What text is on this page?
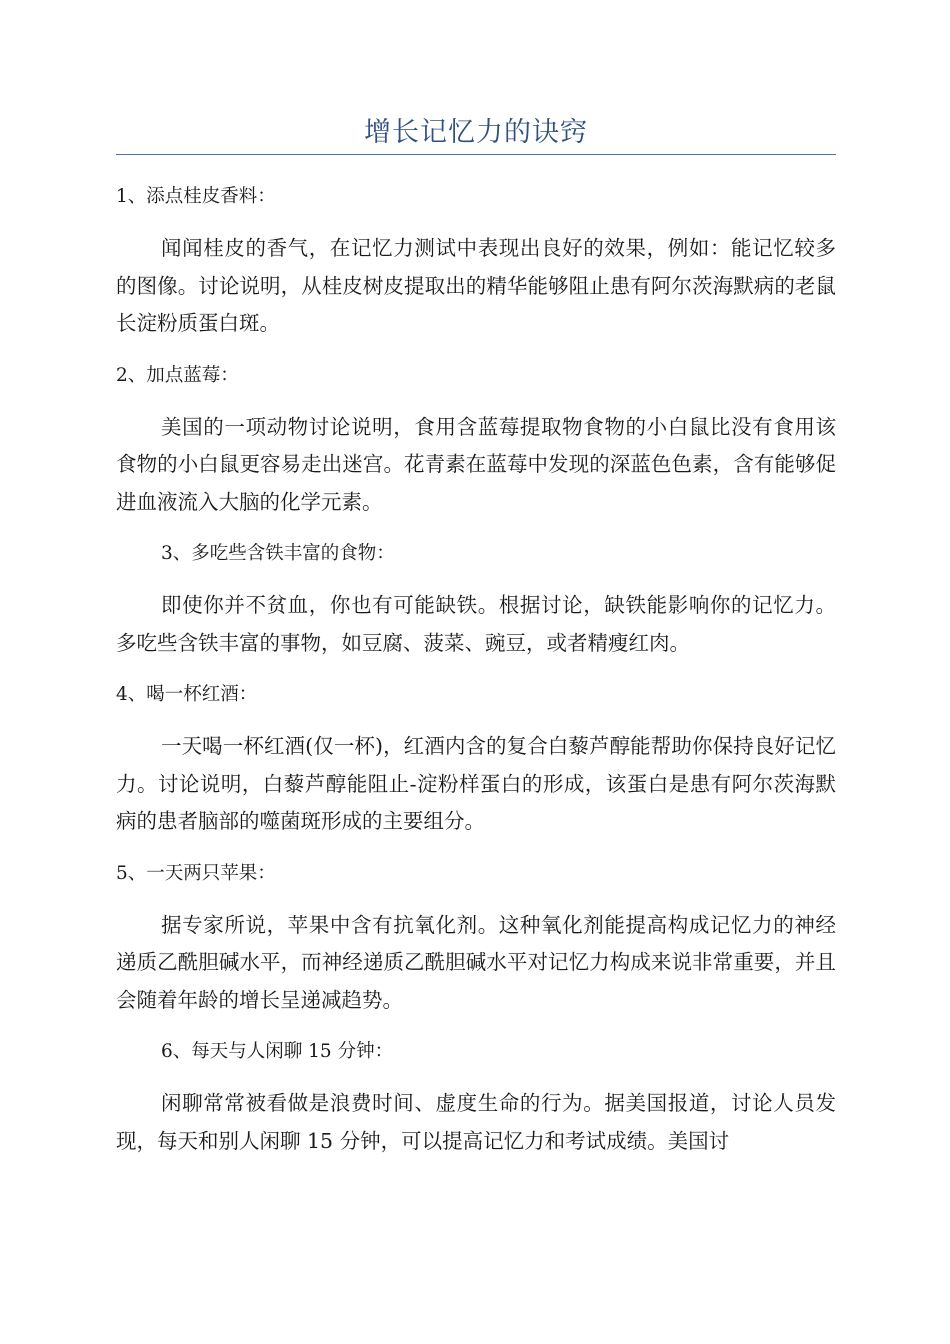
增长记忆力的诀窍
1、添点桂皮香料：
闻闻桂皮的香气，在记忆力测试中表现出良好的效果，例如：能记忆较多的图像。讨论说明，从桂皮树皮提取出的精华能够阻止患有阿尔茨海默病的老鼠长淀粉质蛋白斑。
2、加点蓝莓：
美国的一项动物讨论说明，食用含蓝莓提取物食物的小白鼠比没有食用该食物的小白鼠更容易走出迷宫。花青素在蓝莓中发现的深蓝色色素，含有能够促进血液流入大脑的化学元素。
3、多吃些含铁丰富的食物：
即使你并不贫血，你也有可能缺铁。根据讨论，缺铁能影响你的记忆力。多吃些含铁丰富的事物，如豆腐、菠菜、豌豆，或者精瘦红肉。
4、喝一杯红酒：
一天喝一杯红酒(仅一杯)，红酒内含的复合白藜芦醇能帮助你保持良好记忆力。讨论说明，白藜芦醇能阻止-淀粉样蛋白的形成，该蛋白是患有阿尔茨海默病的患者脑部的噬菌斑形成的主要组分。
5、一天两只苹果：
据专家所说，苹果中含有抗氧化剂。这种氧化剂能提高构成记忆力的神经递质乙酰胆碱水平，而神经递质乙酰胆碱水平对记忆力构成来说非常重要，并且会随着年龄的增长呈递减趋势。
6、每天与人闲聊 15 分钟：
闲聊常常被看做是浪费时间、虚度生命的行为。据美国报道，讨论人员发现，每天和别人闲聊 15 分钟，可以提高记忆力和考试成绩。美国讨
